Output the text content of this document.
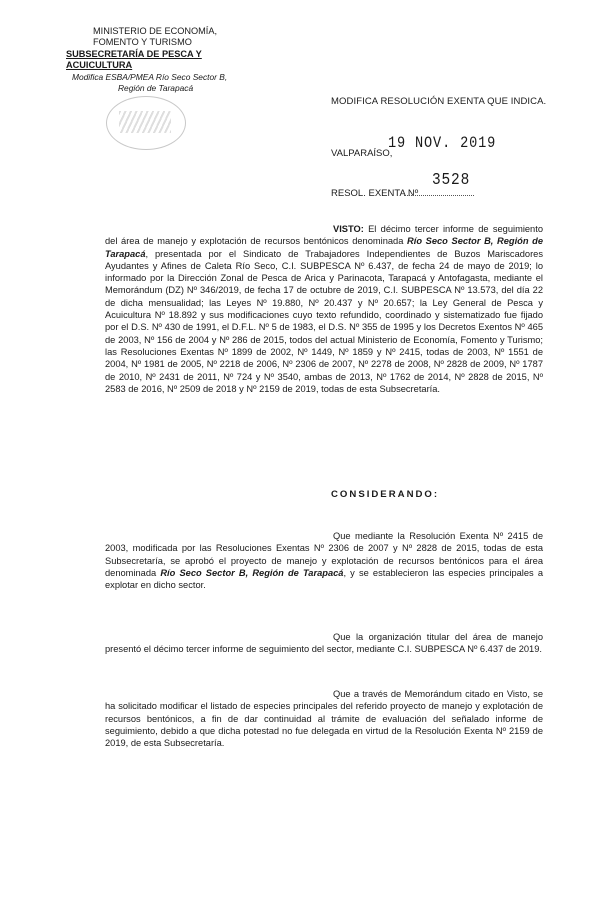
MINISTERIO DE ECONOMÍA,
FOMENTO Y TURISMO
SUBSECRETARÍA DE PESCA Y ACUICULTURA
Modifica ESBA/PMEA Río Seco Sector B,
Región de Tarapacá
MODIFICA RESOLUCIÓN EXENTA QUE INDICA.
VALPARAÍSO,
19 NOV. 2019
RESOL. EXENTA Nº
3528
VISTO: El décimo tercer informe de seguimiento del área de manejo y explotación de recursos bentónicos denominada Río Seco Sector B, Región de Tarapacá, presentada por el Sindicato de Trabajadores Independientes de Buzos Mariscadores Ayudantes y Afines de Caleta Río Seco, C.I. SUBPESCA Nº 6.437, de fecha 24 de mayo de 2019; lo informado por la Dirección Zonal de Pesca de Arica y Parinacota, Tarapacá y Antofagasta, mediante el Memorándum (DZ) Nº 346/2019, de fecha 17 de octubre de 2019, C.I. SUBPESCA Nº 13.573, del día 22 de dicha mensualidad; las Leyes Nº 19.880, Nº 20.437 y Nº 20.657; la Ley General de Pesca y Acuicultura Nº 18.892 y sus modificaciones cuyo texto refundido, coordinado y sistematizado fue fijado por el D.S. Nº 430 de 1991, el D.F.L. Nº 5 de 1983, el D.S. Nº 355 de 1995 y los Decretos Exentos Nº 465 de 2003, Nº 156 de 2004 y Nº 286 de 2015, todos del actual Ministerio de Economía, Fomento y Turismo; las Resoluciones Exentas Nº 1899 de 2002, Nº 1449, Nº 1859 y Nº 2415, todas de 2003, Nº 1551 de 2004, Nº 1981 de 2005, Nº 2218 de 2006, Nº 2306 de 2007, Nº 2278 de 2008, Nº 2828 de 2009, Nº 1787 de 2010, Nº 2431 de 2011, Nº 724 y Nº 3540, ambas de 2013, Nº 1762 de 2014, Nº 2828 de 2015, Nº 2583 de 2016, Nº 2509 de 2018 y Nº 2159 de 2019, todas de esta Subsecretaría.
CONSIDERANDO:
Que mediante la Resolución Exenta Nº 2415 de 2003, modificada por las Resoluciones Exentas Nº 2306 de 2007 y Nº 2828 de 2015, todas de esta Subsecretaría, se aprobó el proyecto de manejo y explotación de recursos bentónicos para el área denominada Río Seco Sector B, Región de Tarapacá, y se establecieron las especies principales a explotar en dicho sector.
Que la organización titular del área de manejo presentó el décimo tercer informe de seguimiento del sector, mediante C.I. SUBPESCA Nº 6.437 de 2019.
Que a través de Memorándum citado en Visto, se ha solicitado modificar el listado de especies principales del referido proyecto de manejo y explotación de recursos bentónicos, a fin de dar continuidad al trámite de evaluación del señalado informe de seguimiento, debido a que dicha potestad no fue delegada en virtud de la Resolución Exenta Nº 2159 de 2019, de esta Subsecretaría.
